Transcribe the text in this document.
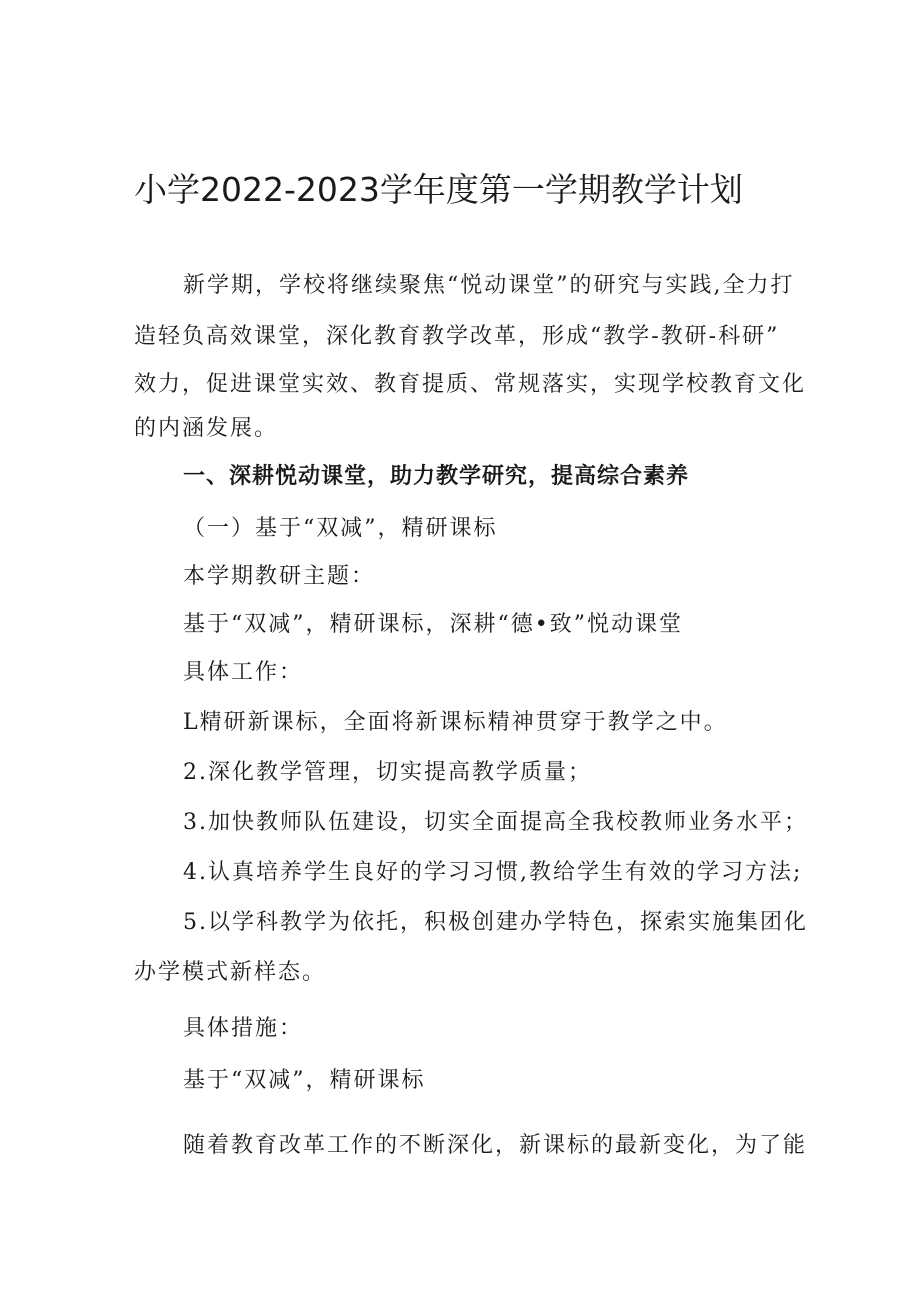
小学2022-2023学年度第一学期教学计划
新学期，学校将继续聚焦“悦动课堂”的研究与实践,全力打
造轻负高效课堂，深化教育教学改革，形成“教学-教研-科研”
效力，促进课堂实效、教育提质、常规落实，实现学校教育文化
的内涵发展。
一、深耕悦动课堂，助力教学研究，提高综合素养
（一）基于“双减”，精研课标
本学期教研主题：
基于“双减”，精研课标，深耕“德•致”悦动课堂
具体工作：
L精研新课标，全面将新课标精神贯穿于教学之中。
2.深化教学管理，切实提高教学质量；
3.加快教师队伍建设，切实全面提高全我校教师业务水平；
4.认真培养学生良好的学习习惯,教给学生有效的学习方法;
5.以学科教学为依托，积极创建办学特色，探索实施集团化
办学模式新样态。
具体措施：
基于“双减”，精研课标
随着教育改革工作的不断深化，新课标的最新变化，为了能
